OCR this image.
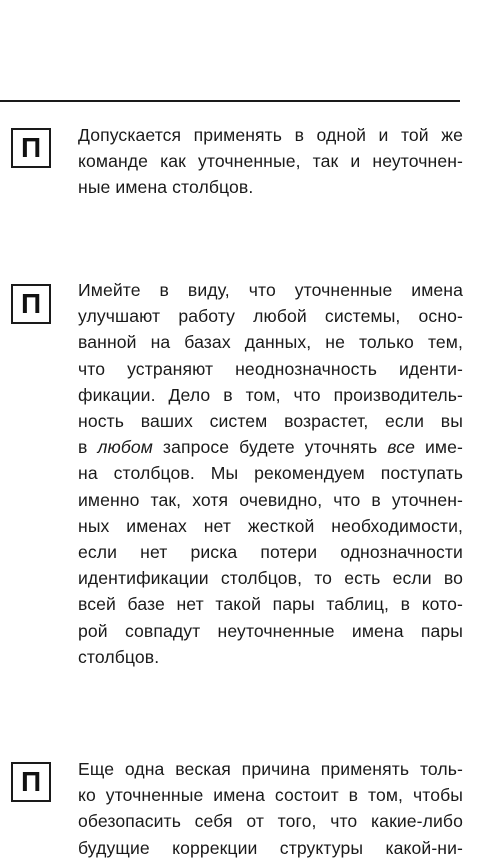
П	Допускается применять в одной и той же
команде как уточненные, так и неуточнен-
ные имена столбцов.

П	Имейте в виду, что уточненные имена
улучшают работу любой системы, осно-
ванной на базах данных, не только тем,
что устраняют неоднозначность иденти-
фикации. Дело в том, что производитель-
ность ваших систем возрастет, если вы
в любом запросе будете уточнять все име-
на столбцов. Мы рекомендуем поступать
именно так, хотя очевидно, что в уточнен-
ных именах нет жесткой необходимости,
если нет риска потери однозначности
идентификации столбцов, то есть если во
всей базе нет такой пары таблиц, в кото-
рой совпадут неуточненные имена пары
столбцов.

П	Еще одна веская причина применять толь-
ко уточненные имена состоит в том, чтобы
обезопасить себя от того, что какие-либо
будущие коррекции структуры какой-ни-
